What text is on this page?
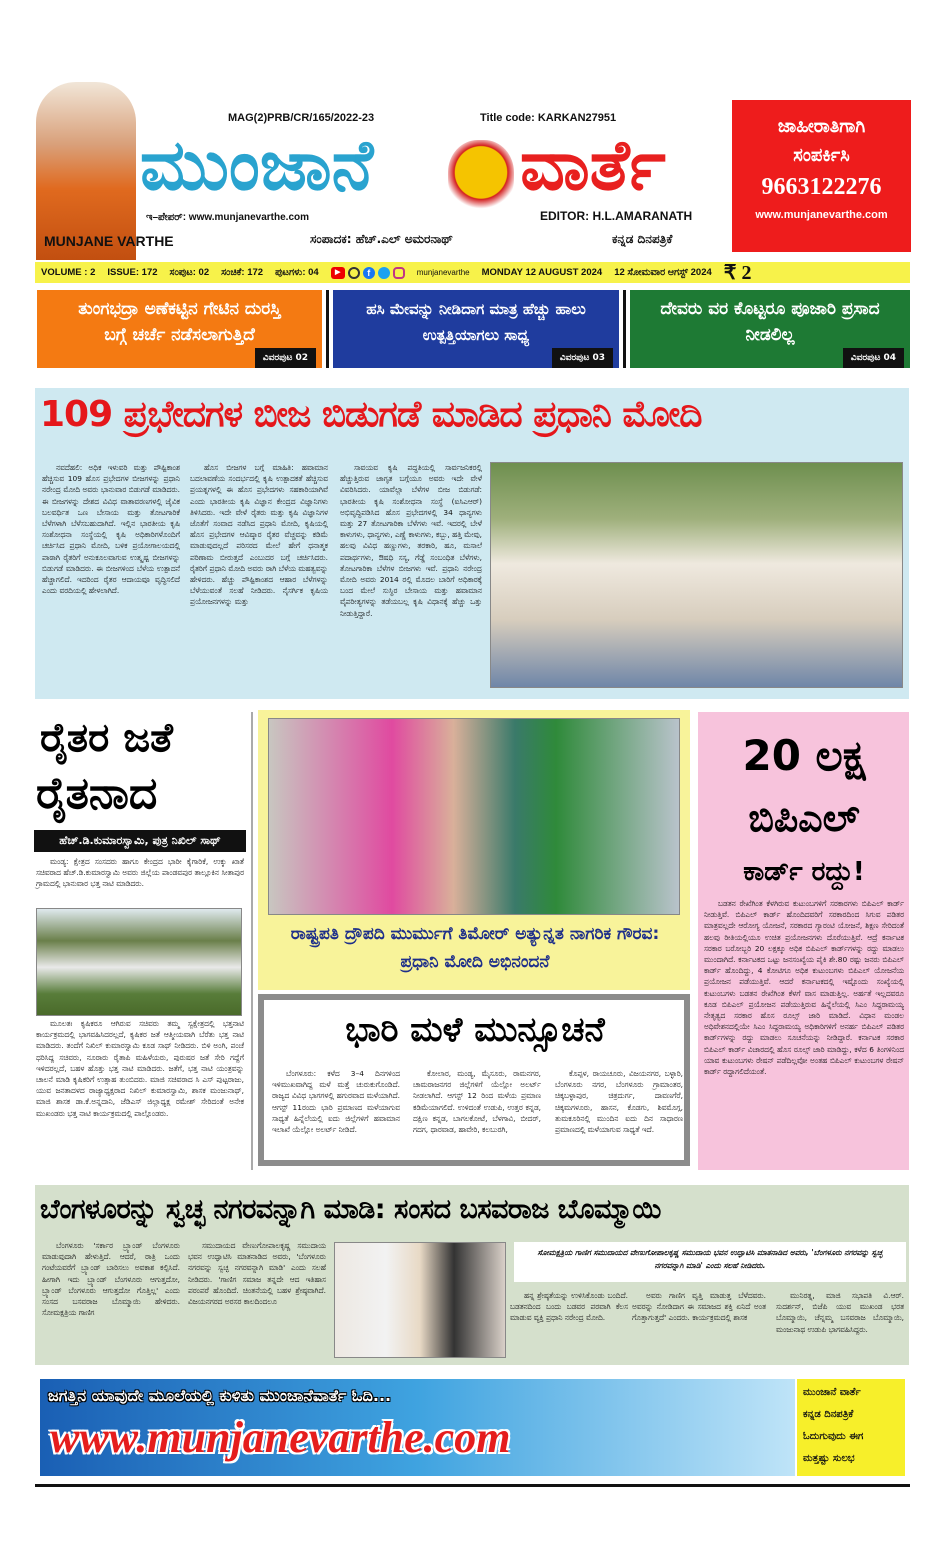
MUNJANE VARTHE
MAG(2)PRB/CR/165/2022-23	Title code: KARKAN27951
ಮುಂಜಾನೆ ವಾರ್ತೆ
ಇ–ಪೇಪರ್: www.munjanevarthe.com	EDITOR: H.L.AMARANATH
ಸಂಪಾದಕ: ಹೆಚ್.ಎಲ್ ಅಮರನಾಥ್	ಕನ್ನಡ ದಿನಪತ್ರಿಕೆ
ಜಾಹೀರಾತಿಗಾಗಿ
ಸಂಪರ್ಕಿಸಿ
9663122276
www.munjanevarthe.com
VOLUME : 2 ISSUE: 172 ಸಂಪುಟ: 02 ಸಂಚಿಕೆ: 172 ಪುಟಗಳು: 04	▶	f	munjanevarthe MONDAY 12 AUGUST 2024 12 ಸೋಮವಾರ ಆಗಸ್ಟ್ 2024 ₹ 2
ತುಂಗಭದ್ರಾ ಅಣೆಕಟ್ಟಿನ ಗೇಟಿನ ದುರಸ್ತಿ ಬಗ್ಗೆ ಚರ್ಚೆ ನಡೆಸಲಾಗುತ್ತಿದೆ
ವಿವರಪುಟ 02
ಹಸಿ ಮೇವನ್ನು ನೀಡಿದಾಗ ಮಾತ್ರ ಹೆಚ್ಚು ಹಾಲು ಉತ್ಪತ್ತಿಯಾಗಲು ಸಾಧ್ಯ
ವಿವರಪುಟ 03
ದೇವರು ವರ ಕೊಟ್ಟರೂ ಪೂಜಾರಿ ಪ್ರಸಾದ ನೀಡಲಿಲ್ಲ
ವಿವರಪುಟ 04
109 ಪ್ರಭೇದಗಳ ಬೀಜ ಬಿಡುಗಡೆ ಮಾಡಿದ ಪ್ರಧಾನಿ ಮೋದಿ
ನವದೆಹಲಿ: ಅಧಿಕ ಇಳುವರಿ ಮತ್ತು ಪೌಷ್ಟಿಕಾಂಶ ಹೆಚ್ಚಿಸುವ 109 ಹೊಸ ಪ್ರಭೇದಗಳ ಬೀಜಗಳನ್ನು ಪ್ರಧಾನಿ ನರೇಂದ್ರ ಮೋದಿ ಅವರು ಭಾನುವಾರ ಬಿಡುಗಡೆ ಮಾಡಿದರು. ಈ ಬೀಜಗಳನ್ನು ದೇಶದ ವಿವಿಧ ವಾತಾವರಣಗಳಲ್ಲಿ ಜೈವಿಕ ಬಲವರ್ಧಿತ ಒಣ ಬೇಸಾಯ ಮತ್ತು ತೋಟಗಾರಿಕೆ ಬೆಳೆಗಳಾಗಿ ಬೆಳೆಸಬಹುದಾಗಿದೆ. ಇಲ್ಲಿನ ಭಾರತೀಯ ಕೃಷಿ ಸಂಶೋಧನಾ ಸಂಸ್ಥೆಯಲ್ಲಿ ಕೃಷಿ ಅಧಿಕಾರಿಗಳೊಂದಿಗೆ ಚರ್ಚಿಸಿದ ಪ್ರಧಾನಿ ಮೋದಿ, ಬಳಿಕ ಪ್ರಯೋಗಾಲಯದಲ್ಲಿ ಪಾಠಾಗಿ ರೈತರಿಗೆ ಅನುಕೂಲವಾಗುವ ಉತ್ಕೃಷ್ಟ ಬೀಜಗಳನ್ನು ಬಿಡುಗಡೆ ಮಾಡಿದರು. ಈ ಬೀಜಗಳಿಂದ ಬೆಳೆಯ ಉತ್ಪಾದನೆ ಹೆಚ್ಚಾಗಲಿದೆ. ಇದರಿಂದ ರೈತರ ಆದಾಯವೂ ವೃದ್ಧಿಸಲಿದೆ ಎಂದು ವರದಿಯಲ್ಲಿ ಹೇಳಲಾಗಿದೆ.
ಹೊಸ ಬೀಜಗಳ ಬಗ್ಗೆ ಮಾಹಿತಿ: ಹವಾಮಾನ ಬದಲಾವಣೆಯ ಸಂದರ್ಭದಲ್ಲಿ ಕೃಷಿ ಉತ್ಪಾದಕತೆ ಹೆಚ್ಚಿಸುವ ಪ್ರಯತ್ನಗಳಲ್ಲಿ ಈ ಹೊಸ ಪ್ರಭೇದಗಳು ಸಹಕಾರಿಯಾಗಿವೆ ಎಂದು ಭಾರತೀಯ ಕೃಷಿ ವಿಜ್ಞಾನ ಕೇಂದ್ರದ ವಿಜ್ಞಾನಿಗಳು ತಿಳಿಸಿದರು. ಇದೇ ವೇಳೆ ರೈತರು ಮತ್ತು ಕೃಷಿ ವಿಜ್ಞಾನಿಗಳ ಜೊತೆಗೆ ಸಂವಾದ ನಡೆಸಿದ ಪ್ರಧಾನಿ ಮೋದಿ, ಕೃಷಿಯಲ್ಲಿ ಹೊಸ ಪ್ರಭೇದಗಳ ಆವಿಷ್ಕಾರ ರೈತರ ವೆಚ್ಚವನ್ನು ಕಡಿಮೆ ಮಾಡುವುದಲ್ಲದೆ ಪರಿಸರದ ಮೇಲೆ ಹೇಗೆ ಧನಾತ್ಮಕ ಪರಿಣಾಮ ಬೀರುತ್ತದೆ ಎಂಬುದರ ಬಗ್ಗೆ ಚರ್ಚಿಸಿದರು. ರೈತರಿಗೆ ಪ್ರಧಾನಿ ಮೋದಿ ಅವರು ರಾಗಿ ಬೆಳೆಯ ಮಹತ್ವವನ್ನು ಹೇಳಿದರು. ಹೆಚ್ಚು ಪೌಷ್ಟಿಕಾಂಶದ ಆಹಾರ ಬೆಳೆಗಳನ್ನು ಬೆಳೆಯುವಂತೆ ಸಲಹೆ ನೀಡಿದರು. ನೈಸರ್ಗಿಕ ಕೃಷಿಯ ಪ್ರಯೋಜನಗಳನ್ನು ಮತ್ತು
ಸಾವಯವ ಕೃಷಿ ಪದ್ಧತಿಯಲ್ಲಿ ಸಾರ್ವಜನಿಕರಲ್ಲಿ ಹೆಚ್ಚುತ್ತಿರುವ ಜಾಗೃತ ಬಗ್ಗೆಯೂ ಅವರು ಇದೇ ವೇಳೆ ವಿವರಿಸಿದರು. ಯಾವೆಲ್ಲಾ ಬೆಳೆಗಳ ಬೀಜ ಬಿಡುಗಡೆ: ಭಾರತೀಯ ಕೃಷಿ ಸಂಶೋಧನಾ ಸಂಸ್ಥೆ (ಐಸಿಎಆರ್) ಅಭಿವೃದ್ಧಿಪಡಿಸಿದ ಹೊಸ ಪ್ರಭೇದಗಳಲ್ಲಿ 34 ಧಾನ್ಯಗಳು ಮತ್ತು 27 ತೋಟಗಾರಿಕಾ ಬೆಳೆಗಳು ಇವೆ. ಇದರಲ್ಲಿ ಬೇಳೆ ಕಾಳುಗಳು, ಧಾನ್ಯಗಳು, ಎಣ್ಣೆ ಕಾಳುಗಳು, ಕಬ್ಬು, ಹತ್ತಿ ಮೇವು, ಹಲವು ವಿವಿಧ ಹಣ್ಣುಗಳು, ತರಕಾರಿ, ಹೂ, ಮಸಾಲೆ ಪದಾರ್ಥಗಳು, ಔಷಧಿ ಸಸ್ಯ, ಗೆಡ್ಡೆ ಸಂಬಂಧಿತ ಬೆಳೆಗಳು, ತೋಟಗಾರಿಕಾ ಬೆಳೆಗಳ ಬೀಜಗಳು ಇವೆ. ಪ್ರಧಾನಿ ನರೇಂದ್ರ ಮೋದಿ ಅವರು 2014 ರಲ್ಲಿ ಮೊದಲ ಬಾರಿಗೆ ಅಧಿಕಾರಕ್ಕೆ ಬಂದ ಮೇಲೆ ಸುಸ್ಥಿರ ಬೇಸಾಯ ಮತ್ತು ಹವಾಮಾನ ವೈಪರೀತ್ಯಗಳನ್ನು ತಡೆಯಬಲ್ಲ ಕೃಷಿ ವಿಧಾನಕ್ಕೆ ಹೆಚ್ಚು ಒತ್ತು ನೀಡುತ್ತಿದ್ದಾರೆ.
ರೈತರ ಜತೆ
ರೈತನಾದ
ಹೆಚ್.ಡಿ.ಕುಮಾರಸ್ವಾಮಿ, ಪುತ್ರ ನಿಖಿಲ್ ಸಾಥ್
ಮಂಡ್ಯ: ಕ್ಷೇತ್ರದ ಸಂಸದರು ಹಾಗೂ ಕೇಂದ್ರದ ಭಾರೀ ಕೈಗಾರಿಕೆ, ಉಕ್ಕು ಖಾತೆ ಸಚಿವರಾದ ಹೆಚ್.ಡಿ.ಕುಮಾರಸ್ವಾಮಿ ಅವರು ಜಿಲ್ಲೆಯ ಪಾಂಡವಪುರ ತಾಲ್ಲೂಕಿನ ಸೀತಾಪುರ ಗ್ರಾಮದಲ್ಲಿ ಭಾನುವಾರ ಭತ್ತ ನಾಟಿ ಮಾಡಿದರು.
ಮೂಲತಃ ಕೃಷಿಕರೂ ಆಗಿರುವ ಸಚಿವರು ತಮ್ಮ ಸ್ವಕ್ಷೇತ್ರದಲ್ಲಿ ಭತ್ತನಾಟಿ ಕಾರ್ಯಕ್ರಮದಲ್ಲಿ ಭಾಗವಹಿಸಿದರಲ್ಲದೆ, ಕೃಷಿಕರ ಜತೆ ಆತ್ಮೀಯವಾಗಿ ಬೆರೆತು ಭತ್ತ ನಾಟಿ ಮಾಡಿದರು. ತಂದೆಗೆ ನಿಖಿಲ್ ಕುಮಾರಸ್ವಾಮಿ ಕೂಡ ಸಾಥ್ ನೀಡಿದರು. ಬಿಳಿ ಅಂಗಿ, ಪಂಚೆ ಧರಿಸಿದ್ದ ಸಚಿವರು, ನೂರಾರು ರೈತಾಪಿ ಮಹಿಳೆಯರು, ಪುರುಷರ ಜತೆ ಸೇರಿ ಗದ್ದೆಗೆ ಇಳಿದರಲ್ಲದೆ, ಬಹಳ ಹೊತ್ತು ಭತ್ತ ನಾಟಿ ಮಾಡಿದರು. ಜತೆಗೆ, ಭತ್ತ ನಾಟಿ ಯಂತ್ರವನ್ನು ಚಾಲನೆ ಮಾಡಿ ಕೃಷಿಕರಿಗೆ ಉತ್ಸಾಹ ತುಂಬಿದರು. ಮಾಜಿ ಸಚಿವರಾದ ಸಿ ಎಸ್ ಪುಟ್ಟರಾಜು, ಯುವ ಜನತಾದಳದ ರಾಜ್ಯಾಧ್ಯಕ್ಷರಾದ ನಿಖಿಲ್ ಕುಮಾರಸ್ವಾಮಿ, ಶಾಸಕ ಮಂಜುನಾಥ್, ಮಾಜಿ ಶಾಸಕ ಡಾ.ಕೆ.ಅನ್ನದಾನಿ, ಜೆಡಿಎಸ್ ಜಿಲ್ಲಾಧ್ಯಕ್ಷ ರಮೇಶ್ ಸೇರಿದಂತೆ ಅನೇಕ ಮುಖಂಡರು ಭತ್ತ ನಾಟಿ ಕಾರ್ಯಕ್ರಮದಲ್ಲಿ ಪಾಲ್ಗೊಂಡರು.
ರಾಷ್ಟ್ರಪತಿ ದ್ರೌಪದಿ ಮುರ್ಮುಗೆ ತಿಮೋರ್ ಅತ್ಯುನ್ನತ ನಾಗರಿಕ ಗೌರವ: ಪ್ರಧಾನಿ ಮೋದಿ ಅಭಿನಂದನೆ
ಭಾರಿ ಮಳೆ ಮುನ್ಸೂಚನೆ
ಬೆಂಗಳೂರು: ಕಳೆದ 3–4 ದಿನಗಳಿಂದ ಇಳಿಮುಖವಾಗಿದ್ದ ಮಳೆ ಮತ್ತೆ ಚುರುಕುಗೊಂಡಿದೆ. ರಾಜ್ಯದ ವಿವಿಧ ಭಾಗಗಳಲ್ಲಿ ಹಗುರವಾದ ಮಳೆಯಾಗಿದೆ. ಆಗಸ್ಟ್ 11ರಂದು ಭಾರಿ ಪ್ರಮಾಣದ ಮಳೆಯಾಗುವ ಸಾಧ್ಯತೆ ಹಿನ್ನೆಲೆಯಲ್ಲಿ ಐದು ಜಿಲ್ಲೆಗಳಿಗೆ ಹವಾಮಾನ ಇಲಾಖೆ ಯೆಲ್ಲೋ ಅಲರ್ಟ್ ನೀಡಿದೆ.
ಕೋಲಾರ, ಮಂಡ್ಯ, ಮೈಸೂರು, ರಾಮನಗರ, ಚಾಮರಾಜನಗರ ಜಿಲ್ಲೆಗಳಿಗೆ ಯೆಲ್ಲೋ ಅಲರ್ಟ್ ನೀಡಲಾಗಿದೆ. ಆಗಸ್ಟ್ 12 ರಿಂದ ಮಳೆಯ ಪ್ರಮಾಣ ಕಡಿಮೆಯಾಗಲಿದೆ. ಉಳಿದಂತೆ ಉಡುಪಿ, ಉತ್ತರ ಕನ್ನಡ, ದಕ್ಷಿಣ ಕನ್ನಡ, ಬಾಗಲಕೋಟೆ, ಬೆಳಗಾವಿ, ಬೀದರ್, ಗದಗ, ಧಾರವಾಡ, ಹಾವೇರಿ, ಕಲಬುರಗಿ,
ಕೊಪ್ಪಳ, ರಾಯಚೂರು, ವಿಜಯನಗರ, ಬಳ್ಳಾರಿ, ಬೆಂಗಳೂರು ನಗರ, ಬೆಂಗಳೂರು ಗ್ರಾಮಾಂತರ, ಚಿಕ್ಕಬಳ್ಳಾಪುರ, ಚಿತ್ರದುರ್ಗ, ದಾವಣಗೆರೆ, ಚಿಕ್ಕಮಗಳೂರು, ಹಾಸನ, ಕೊಡಗು, ಶಿವಮೊಗ್ಗ, ತುಮಕೂರಿನಲ್ಲಿ ಮುಂದಿನ ಐದು ದಿನ ಸಾಧಾರಣ ಪ್ರಮಾಣದಲ್ಲಿ ಮಳೆಯಾಗುವ ಸಾಧ್ಯತೆ ಇದೆ.
20 ಲಕ್ಷ
ಬಿಪಿಎಲ್
ಕಾರ್ಡ್ ರದ್ದು!
ಬಡತನ ರೇಖೆಗಿಂತ ಕೆಳಗಿರುವ ಕುಟುಂಬಗಳಿಗೆ ಸರಕಾರಗಳು ಬಿಪಿಎಲ್ ಕಾರ್ಡ್ ನೀಡುತ್ತಿವೆ. ಬಿಪಿಎಲ್ ಕಾರ್ಡ್ ಹೊಂದಿದವರಿಗೆ ಸರಕಾರದಿಂದ ಸಿಗುವ ಪಡಿತರ ಮಾತ್ರವಲ್ಲದೇ ಆರೋಗ್ಯ ಯೋಜನೆ, ಸರಕಾರದ ಗ್ಯಾರಂಟಿ ಯೋಜನೆ, ಶಿಕ್ಷಣ ಸೇರಿದಂತೆ ಹಲವು ರೀತಿಯಲ್ಲಿಯೂ ಉಚಿತ ಪ್ರಯೋಜನಗಳು ದೊರೆಯುತ್ತಿವೆ. ಆದ್ರೆ ಕರ್ನಾಟಕ ಸರಕಾರ ಬರೋಬ್ಬರಿ 20 ಲಕ್ಷಕ್ಕೂ ಅಧಿಕ ಬಿಪಿಎಲ್ ಕಾರ್ಡ್‌ಗಳನ್ನು ರದ್ದು ಮಾಡಲು ಮುಂದಾಗಿದೆ. ಕರ್ನಾಟಕದ ಒಟ್ಟು ಜನಸಂಖ್ಯೆಯ ಪೈಕಿ ಶೇ.80 ರಷ್ಟು ಜನರು ಬಿಪಿಎಲ್ ಕಾರ್ಡ್ ಹೊಂದಿದ್ದು, 4 ಕೋಟಿಗೂ ಅಧಿಕ ಕುಟುಂಬಗಳು ಬಿಪಿಎಲ್ ಯೋಜನೆಯ ಪ್ರಯೋಜನ ಪಡೆಯುತ್ತಿವೆ. ಆದರೆ ಕರ್ನಾಟಕದಲ್ಲಿ ಇಷ್ಟೊಂದು ಸಂಖ್ಯೆಯಲ್ಲಿ ಕುಟುಂಬಗಳು ಬಡತನ ರೇಖೆಗಿಂತ ಕೆಳಗೆ ವಾಸ ಮಾಡುತ್ತಿಲ್ಲ. ಅರ್ಹತೆ ಇಲ್ಲದವರೂ ಕೂಡ ಬಿಪಿಎಲ್ ಪ್ರಯೋಜನ ಪಡೆಯುತ್ತಿರುವ ಹಿನ್ನೆಲೆಯಲ್ಲಿ ಸಿಎಂ ಸಿದ್ದರಾಮಯ್ಯ ನೇತೃತ್ವದ ಸರಕಾರ ಹೊಸ ರೂಲ್ಸ್ ಜಾರಿ ಮಾಡಿದೆ. ವಿಧಾನ ಮಂಡಲ ಅಧಿವೇಶನದಲ್ಲಿಯೇ ಸಿಎಂ ಸಿದ್ದರಾಮಯ್ಯ ಅಧಿಕಾರಿಗಳಿಗೆ ಅನರ್ಹ ಬಿಪಿಎಲ್ ಪಡಿತರ ಕಾರ್ಡ್‌ಗಳನ್ನು ರದ್ದು ಮಾಡಲು ಸೂಚನೆಯನ್ನು ನೀಡಿದ್ದಾರೆ. ಕರ್ನಾಟಕ ಸರಕಾರ ಬಿಪಿಎಲ್ ಕಾರ್ಡ್ ವಿಚಾರದಲ್ಲಿ ಹೊಸ ರೂಲ್ಸ್ ಜಾರಿ ಮಾಡಿದ್ದು, ಕಳೆದ 6 ತಿಂಗಳಿನಿಂದ ಯಾವ ಕುಟುಂಬಗಳು ರೇಷನ್ ಪಡೆದಿಲ್ಲವೋ ಅಂತಹ ಬಿಪಿಎಲ್ ಕುಟುಂಬಗಳ ರೇಷನ್ ಕಾರ್ಡ್ ರದ್ದಾಗಲಿದೆಯಂತೆ.
ಬೆಂಗಳೂರನ್ನು ಸ್ವಚ್ಛ ನಗರವನ್ನಾಗಿ ಮಾಡಿ: ಸಂಸದ ಬಸವರಾಜ ಬೊಮ್ಮಾಯಿ
ಬೆಂಗಳೂರು 'ಸರ್ಕಾರ ಬ್ರ್ಯಾಂಡ್ ಬೆಂಗಳೂರು ಮಾಡುವುದಾಗಿ ಹೇಳುತ್ತಿದೆ. ಆದರೆ, ರಾತ್ರಿ ಒಂದು ಗಂಟೆಯವರೆಗೆ ಬ್ರ್ಯಾಂಡ್ ಬಾರಿಸಲು ಅವಕಾಶ ಕಲ್ಪಿಸಿದೆ. ಹೀಗಾಗಿ ಇದು ಬ್ರ್ಯಾಂಡ್ ಬೆಂಗಳೂರು ಆಗುತ್ತದೋ, ಬ್ರ್ಯಾಂಡ್ ಬೆಂಗಳೂರು ಆಗುತ್ತದೋ ಗೊತ್ತಿಲ್ಲ' ಎಂದು ಸಂಸದ ಬಸವರಾಜ ಬೊಮ್ಮಾಯಿ ಹೇಳಿದರು. ಸೋಮಕ್ಷತ್ರಿಯ ಗಾಣಿಗ
ಸಮುದಾಯದ ವೇಣುಗೋಪಾಲಕೃಷ್ಣ ಸಮುದಾಯ ಭವನ ಉದ್ಘಾಟಿಸಿ ಮಾತನಾಡಿದ ಅವರು, 'ಬೆಂಗಳೂರು ನಗರವನ್ನು ಸ್ವಚ್ಛ ನಗರವನ್ನಾಗಿ ಮಾಡಿ' ಎಂದು ಸಲಹೆ ನೀಡಿದರು. 'ಗಾಣಿಗ ಸಮಾಜ ತನ್ನದೇ ಆದ ಇತಿಹಾಸ ಪರಂಪರೆ ಹೊಂದಿದೆ. ಚಿಂತನೆಯಲ್ಲಿ ಬಹಳ ಶ್ರೇಷ್ಠವಾಗಿದೆ. ವಿಜಯನಗರದ ಅರಸರ ಕಾಲದಿಂದಲೂ
ಸೋಮಕ್ಷತ್ರಿಯ ಗಾಣಿಗ ಸಮುದಾಯದ ವೇಣುಗೋಪಾಲಕೃಷ್ಣ ಸಮುದಾಯ ಭವನ ಉದ್ಘಾಟಿಸಿ ಮಾತನಾಡಿದ ಅವರು, 'ಬೆಂಗಳೂರು ನಗರವನ್ನು ಸ್ವಚ್ಛ ನಗರವನ್ನಾಗಿ ಮಾಡಿ' ಎಂದು ಸಲಹೆ ನೀಡಿದರು.
ಹನ್ನ ಶ್ರೇಷ್ಠತೆಯನ್ನು ಉಳಿಸಿಕೊಂಡು ಬಂದಿದೆ. ಬಡತನದಿಂದ ಬಂದು ಬಡವರ ಪರವಾಗಿ ಕೆಲಸ ಮಾಡುವ ವ್ಯಕ್ತಿ ಪ್ರಧಾನಿ ನರೇಂದ್ರ ಮೋದಿ.
ಅವರು ಗಾಣಿಗ ವೃತ್ತಿ ಮಾಡುತ್ತ ಬೆಳೆದವರು. ಅವರನ್ನು ನೋಡಿದಾಗ ಈ ಸಮಾಜದ ಶಕ್ತಿ ಏನಿದೆ ಅಂತ ಗೊತ್ತಾಗುತ್ತದೆ' ಎಂದರು. ಕಾರ್ಯಕ್ರಮದಲ್ಲಿ ಶಾಸಕ
ಮುನಿರತ್ನ, ಮಾಜಿ ಸಭಾಪತಿ ವಿ.ಆರ್. ಸುದರ್ಶನ್, ಬಿಜೆಪಿ ಯುವ ಮುಖಂಡ ಭರತ ಬೊಮ್ಮಾಯಿ, ಚೆನ್ನಮ್ಮ ಬಸವರಾಜ ಬೊಮ್ಮಾಯಿ, ಮಂಜುನಾಥ ಉಡುಪಿ ಭಾಗವಹಿಸಿದ್ದರು.
ಜಗತ್ತಿನ ಯಾವುದೇ ಮೂಲೆಯಲ್ಲಿ ಕುಳಿತು ಮುಂಜಾನೆವಾರ್ತೆ ಓದಿ...
www.munjanevarthe.com
ಮುಂಜಾನೆ ವಾರ್ತೆ
ಕನ್ನಡ ದಿನಪತ್ರಿಕೆ
ಓದುಗುವುದು ಈಗ
ಮತ್ತಷ್ಟು ಸುಲಭ
